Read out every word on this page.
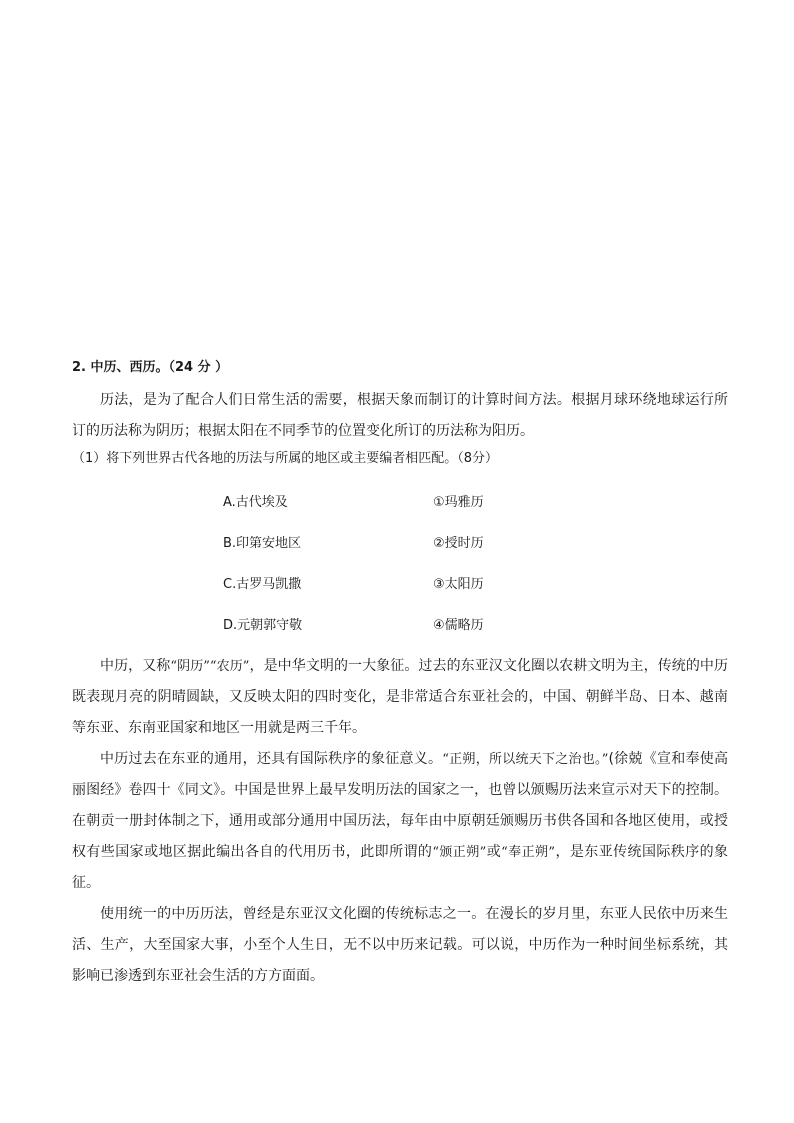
2. 中历、西历。（24 分 ）

历法，是为了配合人们日常生活的需要，根据天象而制订的计算时间方法。根据月球环绕地球运行所订的历法称为阴历；根据太阳在不同季节的位置变化所订的历法称为阳历。

（1）将下列世界古代各地的历法与所属的地区或主要编者相匹配。（8分）

A.古代埃及	①玛雅历
B.印第安地区	②授时历
C.古罗马凯撒	③太阳历
D.元朝郭守敬	④儒略历

中历，又称“阴历”“农历”，是中华文明的一大象征。过去的东亚汉文化圈以农耕文明为主，传统的中历既表现月亮的阴晴圆缺，又反映太阳的四时变化，是非常适合东亚社会的，中国、朝鲜半岛、日本、越南等东亚、东南亚国家和地区一用就是两三千年。

中历过去在东亚的通用，还具有国际秩序的象征意义。“正朔，所以统天下之治也。”(徐兢《宣和奉使高丽图经》卷四十《同文》。中国是世界上最早发明历法的国家之一，也曾以颁赐历法来宣示对天下的控制。在朝贡一册封体制之下，通用或部分通用中国历法，每年由中原朝廷颁赐历书供各国和各地区使用，或授权有些国家或地区据此编出各自的代用历书，此即所谓的“颁正朔”或“奉正朔”，是东亚传统国际秩序的象征。

使用统一的中历历法，曾经是东亚汉文化圈的传统标志之一。在漫长的岁月里，东亚人民依中历来生活、生产，大至国家大事，小至个人生日，无不以中历来记载。可以说，中历作为一种时间坐标系统，其影响已渗透到东亚社会生活的方方面面。
